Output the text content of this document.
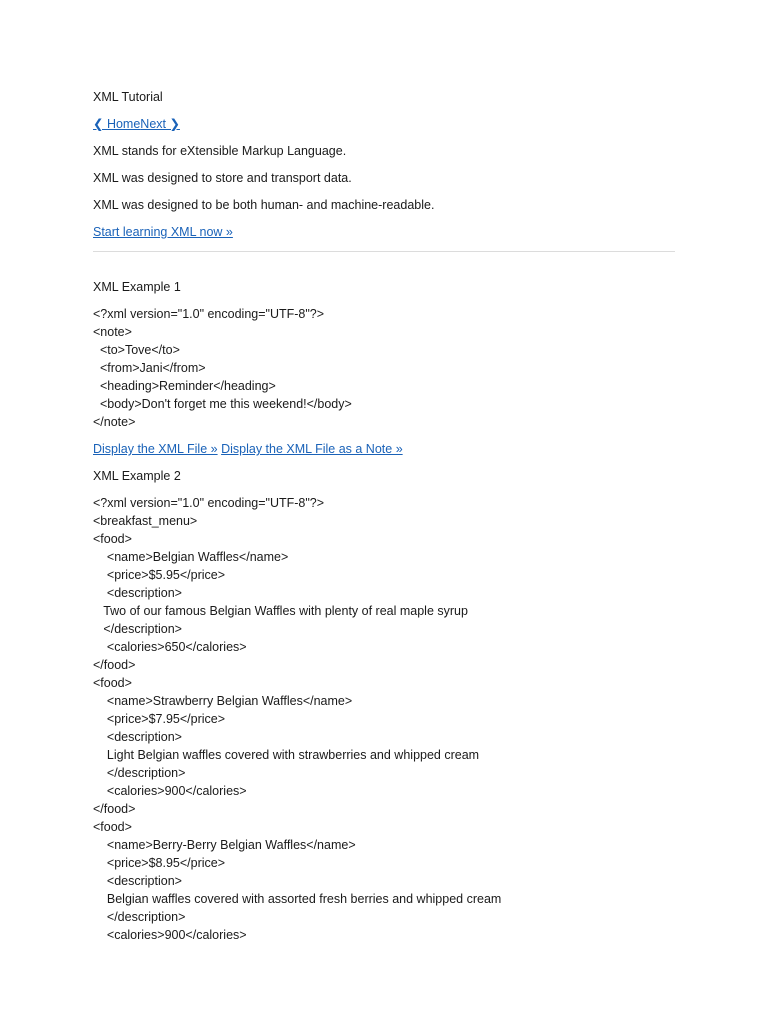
XML Tutorial
❮ HomeNext ❯
XML stands for eXtensible Markup Language.
XML was designed to store and transport data.
XML was designed to be both human- and machine-readable.
Start learning XML now »
XML Example 1
<?xml version="1.0" encoding="UTF-8"?>
<note>
<to>Tove</to>
<from>Jani</from>
<heading>Reminder</heading>
<body>Don't forget me this weekend!</body>
</note>
Display the XML File » Display the XML File as a Note »
XML Example 2
<?xml version="1.0" encoding="UTF-8"?>
<breakfast_menu>
<food>
<name>Belgian Waffles</name>
<price>$5.95</price>
<description>
Two of our famous Belgian Waffles with plenty of real maple syrup
</description>
<calories>650</calories>
</food>
<food>
<name>Strawberry Belgian Waffles</name>
<price>$7.95</price>
<description>
Light Belgian waffles covered with strawberries and whipped cream
</description>
<calories>900</calories>
</food>
<food>
<name>Berry-Berry Belgian Waffles</name>
<price>$8.95</price>
<description>
Belgian waffles covered with assorted fresh berries and whipped cream
</description>
<calories>900</calories>
